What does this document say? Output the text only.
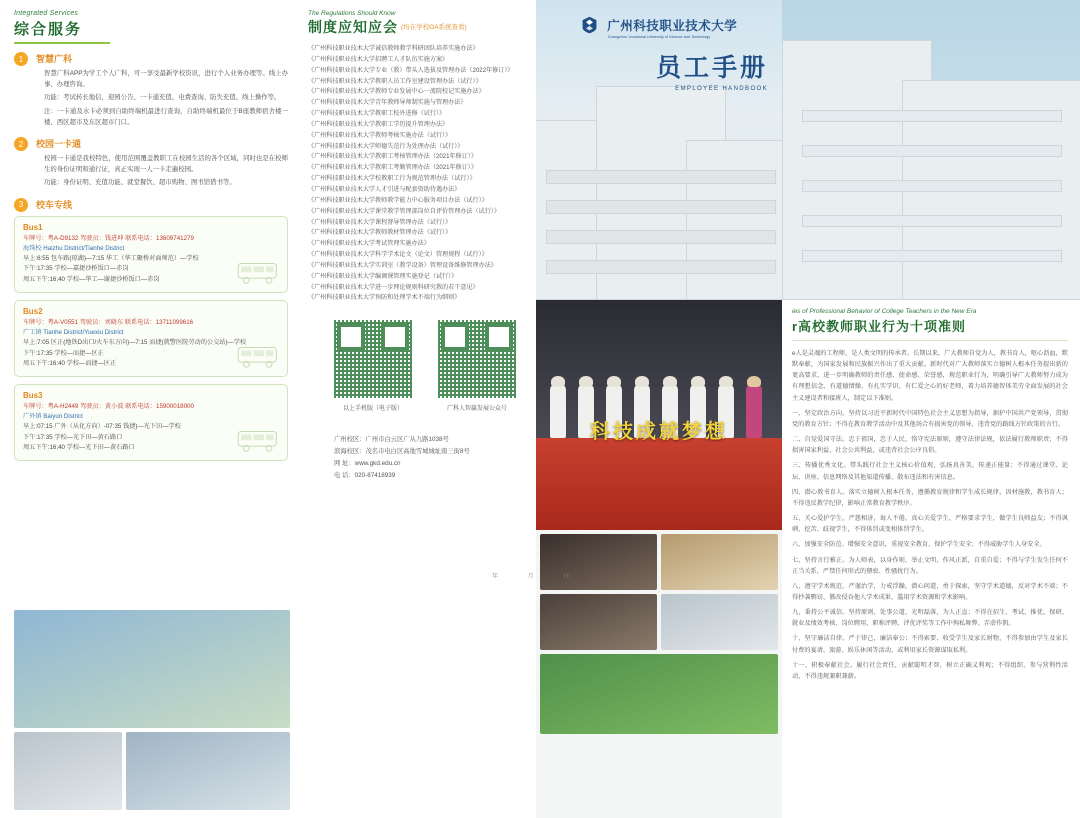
Integrated Services
综合服务
1	智慧广科

智慧广科APP为学工个人广科，可一享受最新学校资讯，进行个人业务办理等。线上办事、办理咨询。

功能：考试转长地信，迎园公告、一卡通充值、电费查询、防失充值、线上操作等。

注：一卡通及水卡必须到自助终端机最进行查询，自助终端机最位于B座教师宿舍楼一楼、西区超市及东区超市门口。

2	校园一卡通

校园一卡通是我校特色，使用范围覆盖教职工在校园生活的各个区域，同时也是在校师生的身份证明和通行证，真正实现一人一卡走遍校园。

功能：身份证明、充值功能、就堂餐饮、超市购物、图书馆借书等。

3	校车专线
Bus1
车牌号：粤A-D9132 驾驶员：钱进坤 联系电话：13609741279
海珠校 Haizhu District/Tianhe District
早上:6:55 包车路(琼湖)—7:15 华工（华工聚桥对面师范）—学校
下午:17:35 学校—嘉捷沙桥饭口—赤岗
周五下午:16:40 学校—华工—谢捷沙桥饭口—赤岗
Bus2
车牌号：粤A-V0551 驾驶员：刘晓东 联系电话：13711099616
广工镇 Tianhe District/Yuexiu District
早上:7:05 区正(地铁D出口/火车东方向)—7:15 而捷(就警医院劳动的公交站)—学校
下午:17:35 学校—而捷—区正
周五下午:16:40 学校—而捷—区正
Bus3
车牌号：粤A-H2449 驾驶员：黄小波 联系电话：15900018000
广外镇 Baiyun District
早上:07:15 广外（从化方向）-07:35 钱捷)—光下田—学校
下午:17:35 学校—光下田—黄石路口
周五下午:16:40 学校—光下田—黄石路口
The Regulations Should Know
制度应知应会 (均在学校OA系统查看)
《广州科技职业技术大学诚信教师教学科研团队培养实施办法》
《广州科技职业技术大学招聘工人才队伍实施方案》
《广州科技职业技术大学专业（教）带头人选拔及管理办法（2022年修订）》
《广州科技职业技术大学教职人员工作室建设管理办法（试行）》
《广州科技职业技术大学教师专业发展中心一流院校记实施办法》
《广州科技职业技术大学青年教师导师制实施与管理办法》
《广州科技职业技术大学教职工校外进修（试行）》
《广州科技职业技术大学教职工学历提升管理办法》
《广州科技职业技术大学教师考核实施办法（试行）》
《广州科技职业技术大学师德失范行为处理办法（试行）》
《广州科技职业技术大学教职工考核管理办法（2021年修订）》
《广州科技职业技术大学教职工考勤管理办法（2021年修订）》
《广州科技职业技术大学校教职工行为规范管理办法（试行）》
《广州科技职业技术大学人才引进与配套资助待遇办法》
《广州科技职业技术大学教师教学能力中心服务项目办法（试行）》
《广州科技职业技术大学课堂教学管理部岗位自评价管理办法（试行）》
《广州科技职业技术大学课程督导管理办法（试行）》
《广州科技职业技术大学教师教材管理办法（试行）》
《广州科技职业技术大学考试管理实施办法》
《广州科技职业技术大学科学学术论文（论文）管理规程（试行）》
《广州科技职业技术大学实训室（教学设备）管理设备维修管理办法》
《广州科技职业技术大学编调课管理实施登记（试行）》
《广州科技职业技术大学进一步理论规则科研究教的若干意见》
《广州科技职业技术大学预防和处理学术不端行为细则》
以上手机版（电子版）	广科人智赢发展公众号
广州校区：广州市白云区广从九路1038号
滨海校区：茂名市电白区高地雪城城址南三街8号
网 址：www.gkd.edu.cn
电 话：020-87418939
广州科技职业技术大学
Guangzhou Vocational University of Science and Technology
员工手册
EMPLOYEE HANDBOOK
科技成就梦想
年 月 日
ies of Professional Behavior of College Teachers in the New Era
r高校教师职业行为十项准则

e人是灵魂的工程师，是人类文明的传承者。长期以来，广大教师自觉为人，教书育人，呕心沥血，默默奉献，为国家发展和民族振兴作出了重大贡献。新时代对广大教师落实立德树人根本任务提出新的更高要求，进一步明确教师的责任感、使命感、荣誉感，规范职业行为，明确引导广大教师努力成为有理想信念、有道德情操、有扎实学识、有仁爱之心的好老师，着力培养德智体美劳全面发展的社会主义建设者和接班人，制定以下准则。

一、坚定政治方向。坚持以习近平新时代中国特色社会主义思想为指导，据护中国共产党领导，贯彻党的教育方针；不得在教育教学活动中及其他场合有损害党的领导、违背党的路线方针政策的言行。

二、自觉爱国守法。忠于祖国，忠于人民，恪守宪法原则，遵守法律法规，依法履行教师职责；不得损害国家利益、社会公共利益，或违背社会公序良俗。

三、传播优秀文化。带头践行社会主义核心价值观，弘扬真善美，传递正能量；不得通过课堂、论坛、讲座、信息网络及其他渠道传播、散布违法和有害信息。

四、潜心教书育人。落实立德树人根本任务，遵循教育规律和学生成长规律，因材施教，教书育人；不得违反教学纪律，影响正常教育教学秩序。

五、关心爱护学生。严慈相济，诲人不倦，真心关爱学生，严格要求学生，做学生良师益友；不得讽刺、挖苦、歧视学生，不得体罚或变相体罚学生。

六、加强安全防范。增强安全意识，重视安全教育，保护学生安全；不得威胁学生人身安全。

七、坚持言行雅正。为人师表，以身作则，举止文明，作风正派，自重自爱；不得与学生发生任何不正当关系，严禁任何形式的猥亵、性骚扰行为。

八、遵守学术规范。严谨治学，力戒浮躁，潜心问道，勇于探索，坚守学术道德，反对学术不端；不得抄袭剽窃、篡改侵吞他人学术成果，滥用学术资源和学术影响。

九、秉持公平诚信。坚持原则，处事公道，光明磊落，为人正直；不得在招生、考试、推优、保研、就业及绩效考核、岗位聘用、职称评聘、评优评奖等工作中徇私舞弊、弄虚作假。

十、坚守廉洁自律。严于律己，廉洁奉公；不得索要、收受学生及家长财物，不得参加由学生及家长付费的宴请、旅游、娱乐休闲等活动，或利用家长资源谋取私利。

十一、积极奉献社会。履行社会责任，贡献聪明才智，树立正确义利观；不得组织、参与营利性活动，不得违规兼职兼薪。
